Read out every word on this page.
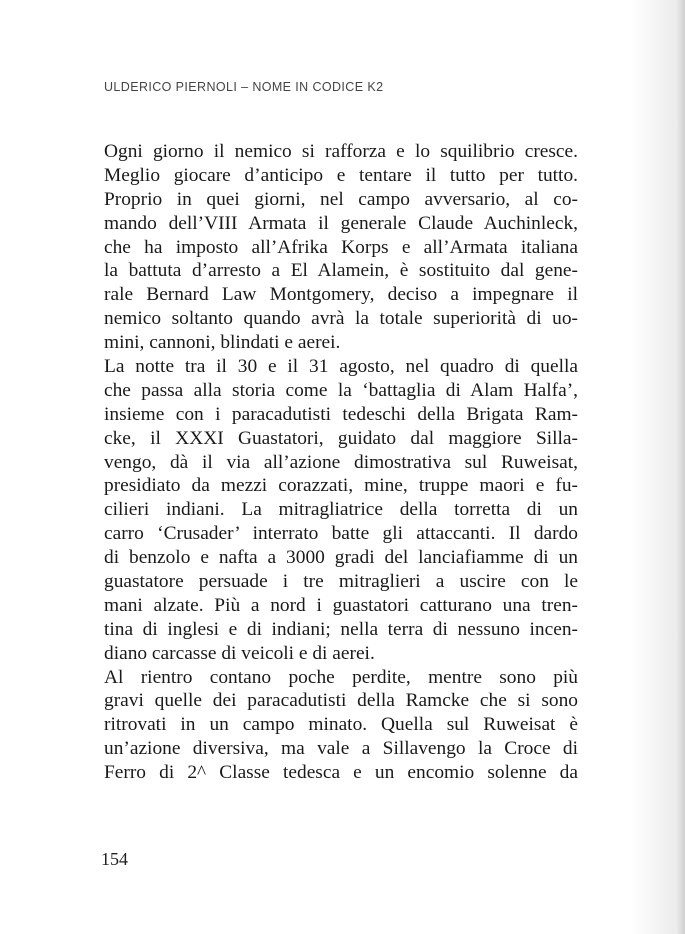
ULDERICO PIERNOLI – NOME IN CODICE K2

Ogni giorno il nemico si rafforza e lo squilibrio cresce.
Meglio giocare d’anticipo e tentare il tutto per tutto.
Proprio in quei giorni, nel campo avversario, al co-
mando dell’VIII Armata il generale Claude Auchinleck,
che ha imposto all’Afrika Korps e all’Armata italiana
la battuta d’arresto a El Alamein, è sostituito dal gene-
rale Bernard Law Montgomery, deciso a impegnare il
nemico soltanto quando avrà la totale superiorità di uo-
mini, cannoni, blindati e aerei.

La notte tra il 30 e il 31 agosto, nel quadro di quella
che passa alla storia come la ‘battaglia di Alam Halfa’,
insieme con i paracadutisti tedeschi della Brigata Ram-
cke, il XXXI Guastatori, guidato dal maggiore Silla-
vengo, dà il via all’azione dimostrativa sul Ruweisat,
presidiato da mezzi corazzati, mine, truppe maori e fu-
cilieri indiani. La mitragliatrice della torretta di un
carro ‘Crusader’ interrato batte gli attaccanti. Il dardo
di benzolo e nafta a 3000 gradi del lanciafiamme di un
guastatore persuade i tre mitraglieri a uscire con le
mani alzate. Più a nord i guastatori catturano una tren-
tina di inglesi e di indiani; nella terra di nessuno incen-
diano carcasse di veicoli e di aerei.

Al rientro contano poche perdite, mentre sono più
gravi quelle dei paracadutisti della Ramcke che si sono
ritrovati in un campo minato. Quella sul Ruweisat è
un’azione diversiva, ma vale a Sillavengo la Croce di
Ferro di 2^ Classe tedesca e un encomio solenne da

154
